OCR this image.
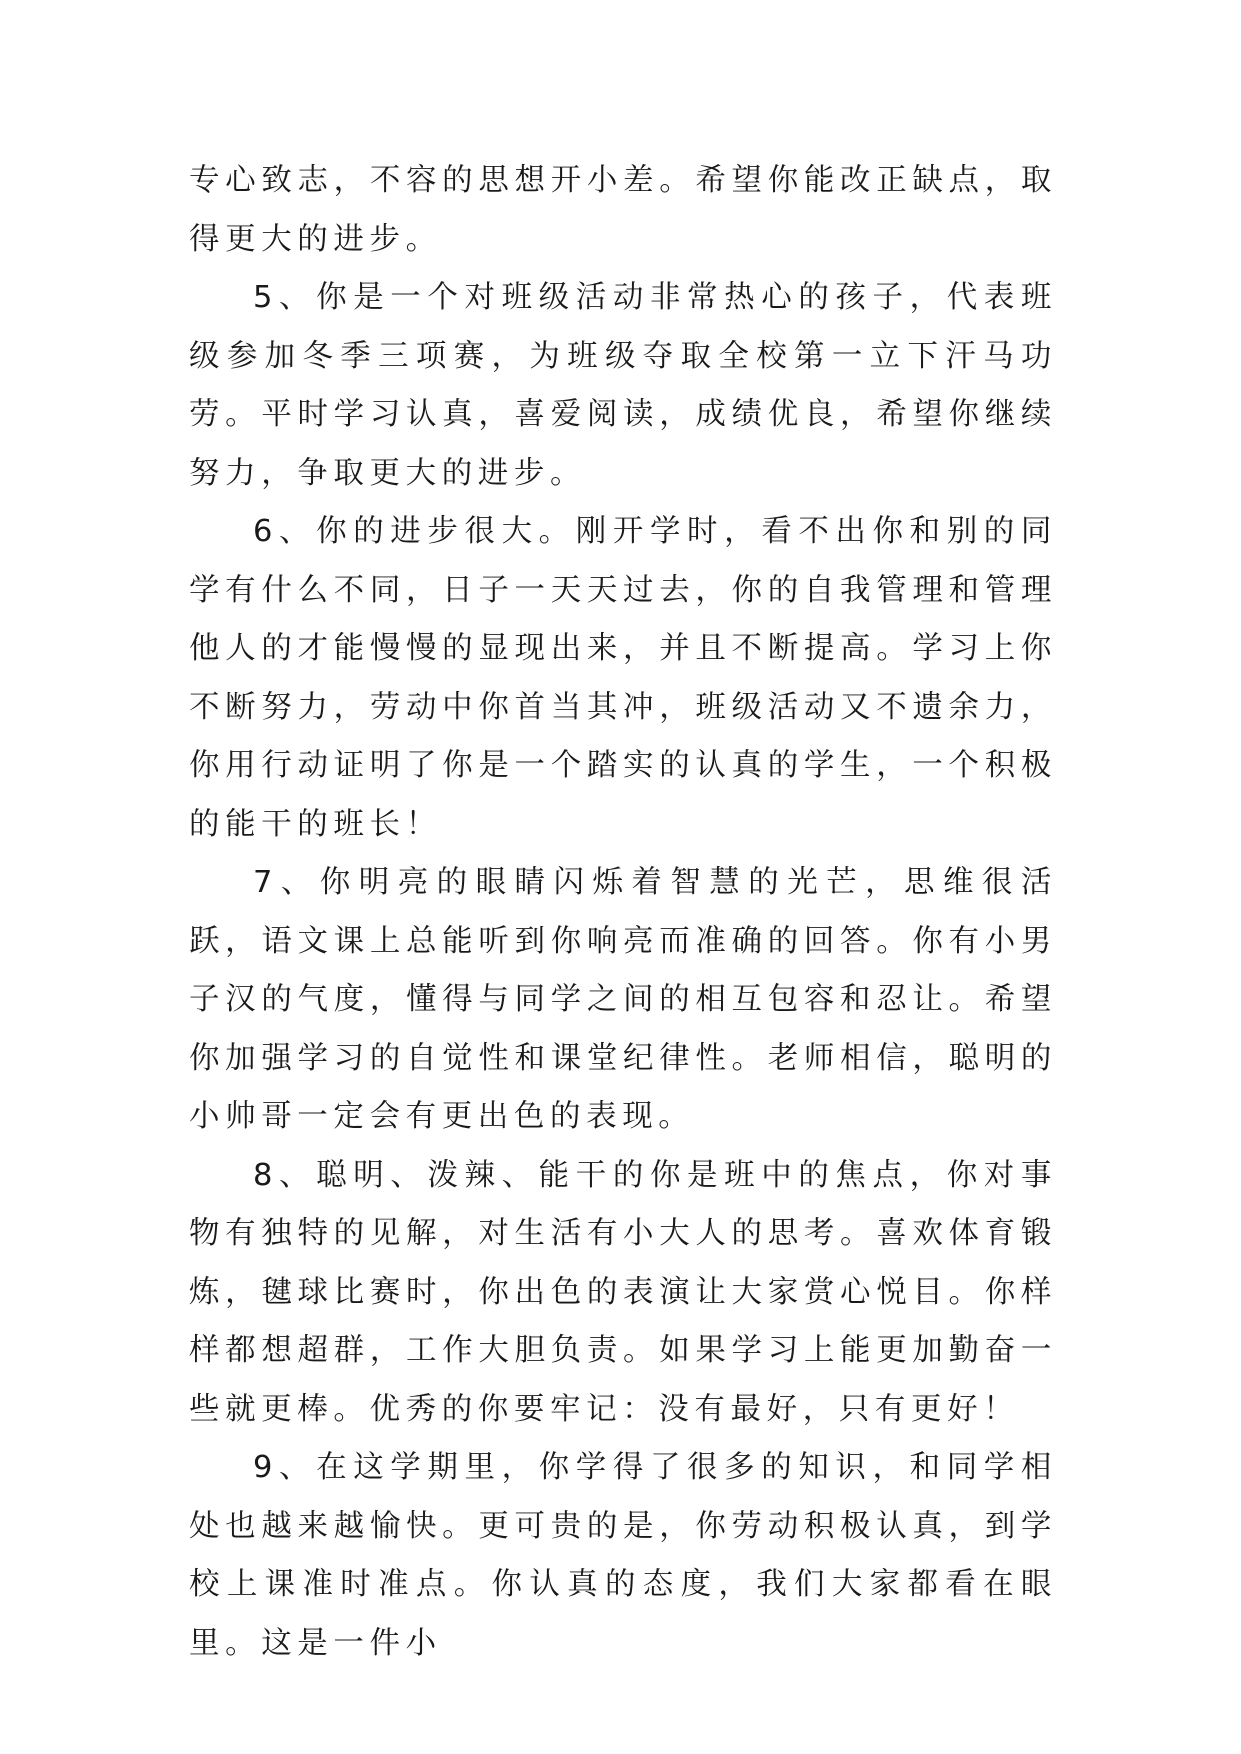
专心致志，不容的思想开小差。希望你能改正缺点，取得更大的进步。

5、你是一个对班级活动非常热心的孩子，代表班级参加冬季三项赛，为班级夺取全校第一立下汗马功劳。平时学习认真，喜爱阅读，成绩优良，希望你继续努力，争取更大的进步。

6、你的进步很大。刚开学时，看不出你和别的同学有什么不同，日子一天天过去，你的自我管理和管理他人的才能慢慢的显现出来，并且不断提高。学习上你不断努力，劳动中你首当其冲，班级活动又不遗余力，你用行动证明了你是一个踏实的认真的学生，一个积极的能干的班长！

7、你明亮的眼睛闪烁着智慧的光芒，思维很活跃，语文课上总能听到你响亮而准确的回答。你有小男子汉的气度，懂得与同学之间的相互包容和忍让。希望你加强学习的自觉性和课堂纪律性。老师相信，聪明的小帅哥一定会有更出色的表现。

8、聪明、泼辣、能干的你是班中的焦点，你对事物有独特的见解，对生活有小大人的思考。喜欢体育锻炼，毽球比赛时，你出色的表演让大家赏心悦目。你样样都想超群，工作大胆负责。如果学习上能更加勤奋一些就更棒。优秀的你要牢记：没有最好，只有更好！

9、在这学期里，你学得了很多的知识，和同学相处也越来越愉快。更可贵的是，你劳动积极认真，到学校上课准时准点。你认真的态度，我们大家都看在眼里。这是一件小
